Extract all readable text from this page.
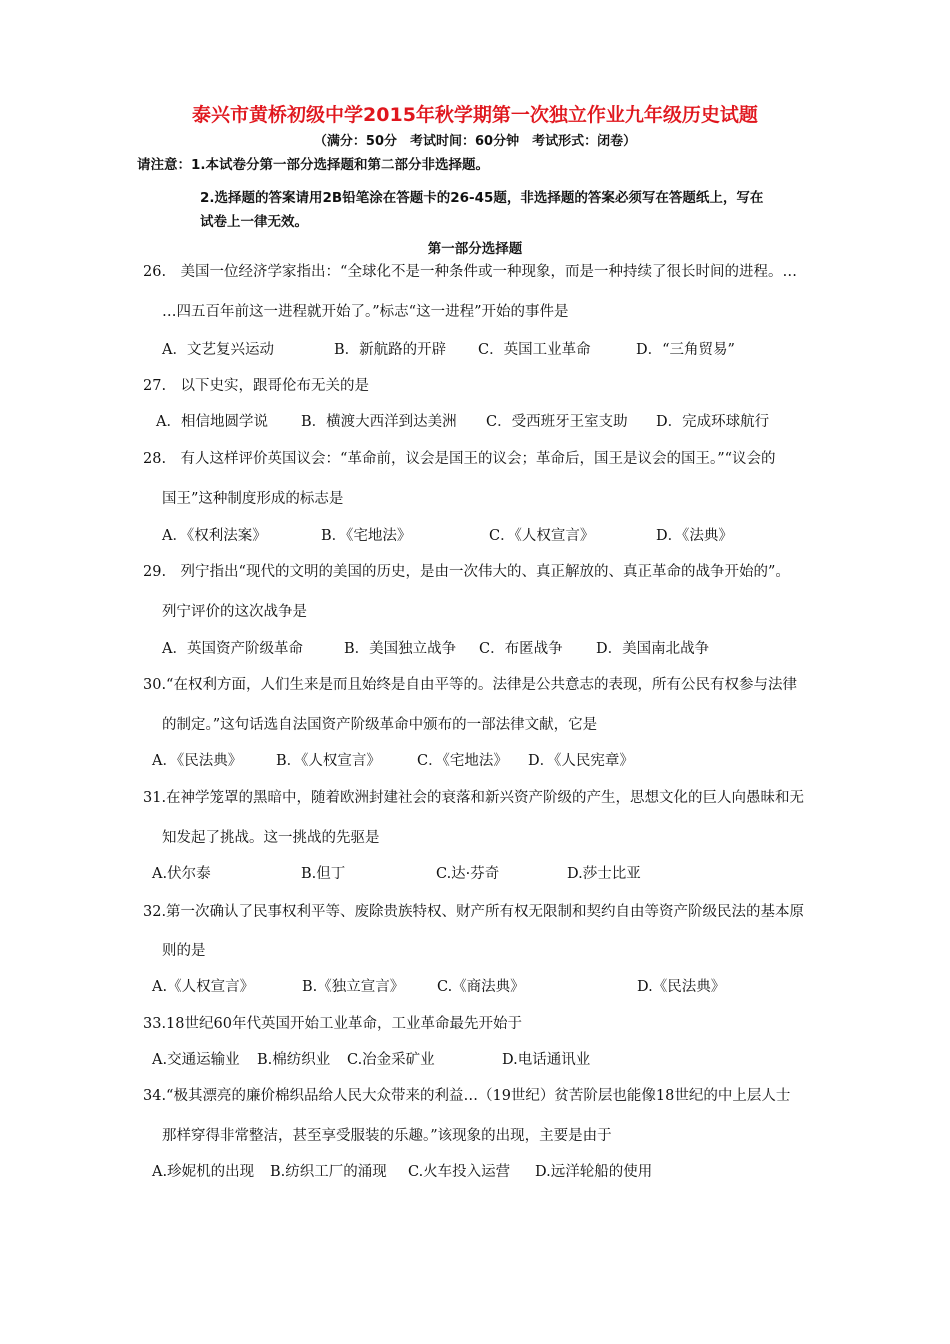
泰兴市黄桥初级中学2015年秋学期第一次独立作业九年级历史试题
（满分：50分　考试时间：60分钟　考试形式：闭卷）
请注意：1.本试卷分第一部分选择题和第二部分非选择题。
2.选择题的答案请用2B铅笔涂在答题卡的26-45题，非选择题的答案必须写在答题纸上，写在
试卷上一律无效。
第一部分选择题
26.　美国一位经济学家指出：“全球化不是一种条件或一种现象，而是一种持续了很长时间的进程。…
…四五百年前这一进程就开始了。”标志“这一进程”开始的事件是
A．文艺复兴运动	B．新航路的开辟 C．英国工业革命	D．“三角贸易”
27.　以下史实，跟哥伦布无关的是
A．相信地圆学说 B．横渡大西洋到达美洲 C．受西班牙王室支助 D．完成环球航行
28.　有人这样评价英国议会：“革命前，议会是国王的议会；革命后，国王是议会的国王。”“议会的
国王”这种制度形成的标志是
A．《权利法案》	B．《宅地法》	C．《人权宣言》	D．《法典》
29.　列宁指出“现代的文明的美国的历史，是由一次伟大的、真正解放的、真正革命的战争开始的”。
列宁评价的这次战争是
A．英国资产阶级革命	B．美国独立战争 C．布匿战争 D．美国南北战争
30.“在权利方面，人们生来是而且始终是自由平等的。法律是公共意志的表现，所有公民有权参与法律
的制定。”这句话选自法国资产阶级革命中颁布的一部法律文献，它是
A．《民法典》 B．《人权宣言》 C．《宅地法》 D．《人民宪章》
31.在神学笼罩的黑暗中，随着欧洲封建社会的衰落和新兴资产阶级的产生，思想文化的巨人向愚昧和无
知发起了挑战。这一挑战的先驱是
A.伏尔泰	B.但丁	C.达·芬奇	D.莎士比亚
32.第一次确认了民事权利平等、废除贵族特权、财产所有权无限制和契约自由等资产阶级民法的基本原
则的是
A.《人权宣言》	B.《独立宣言》 C.《商法典》	D.《民法典》
33.18世纪60年代英国开始工业革命，工业革命最先开始于
A.交通运输业 B.棉纺织业 C.冶金采矿业	D.电话通讯业
34.“极其漂亮的廉价棉织品给人民大众带来的利益…（19世纪）贫苦阶层也能像18世纪的中上层人士
那样穿得非常整洁，甚至享受服装的乐趣。”该现象的出现，主要是由于
A.珍妮机的出现 B.纺织工厂的涌现 C.火车投入运营 D.远洋轮船的使用
